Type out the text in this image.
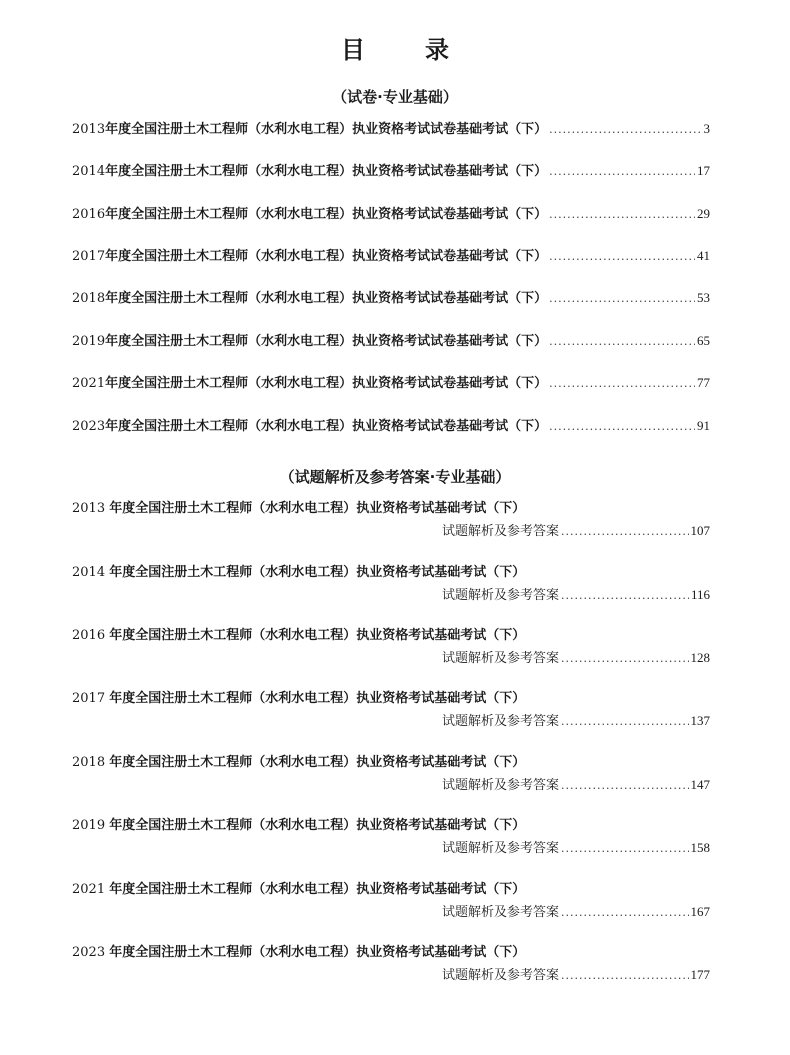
目　录
（试卷·专业基础）
2013 年度全国注册土木工程师（水利水电工程）执业资格考试试卷基础考试（下） .....	3
2014 年度全国注册土木工程师（水利水电工程）执业资格考试试卷基础考试（下） .....	17
2016 年度全国注册土木工程师（水利水电工程）执业资格考试试卷基础考试（下） .....	29
2017 年度全国注册土木工程师（水利水电工程）执业资格考试试卷基础考试（下） .....	41
2018 年度全国注册土木工程师（水利水电工程）执业资格考试试卷基础考试（下） .....	53
2019 年度全国注册土木工程师（水利水电工程）执业资格考试试卷基础考试（下） .....	65
2021 年度全国注册土木工程师（水利水电工程）执业资格考试试卷基础考试（下） .....	77
2023 年度全国注册土木工程师（水利水电工程）执业资格考试试卷基础考试（下） .....	91
（试题解析及参考答案·专业基础）
2013 年度全国注册土木工程师（水利水电工程）执业资格考试基础考试（下）
试题解析及参考答案 .....	107
2014 年度全国注册土木工程师（水利水电工程）执业资格考试基础考试（下）
试题解析及参考答案 .....	116
2016 年度全国注册土木工程师（水利水电工程）执业资格考试基础考试（下）
试题解析及参考答案 .....	128
2017 年度全国注册土木工程师（水利水电工程）执业资格考试基础考试（下）
试题解析及参考答案 .....	137
2018 年度全国注册土木工程师（水利水电工程）执业资格考试基础考试（下）
试题解析及参考答案 .....	147
2019 年度全国注册土木工程师（水利水电工程）执业资格考试基础考试（下）
试题解析及参考答案 .....	158
2021 年度全国注册土木工程师（水利水电工程）执业资格考试基础考试（下）
试题解析及参考答案 .....	167
2023 年度全国注册土木工程师（水利水电工程）执业资格考试基础考试（下）
试题解析及参考答案 .....	177
